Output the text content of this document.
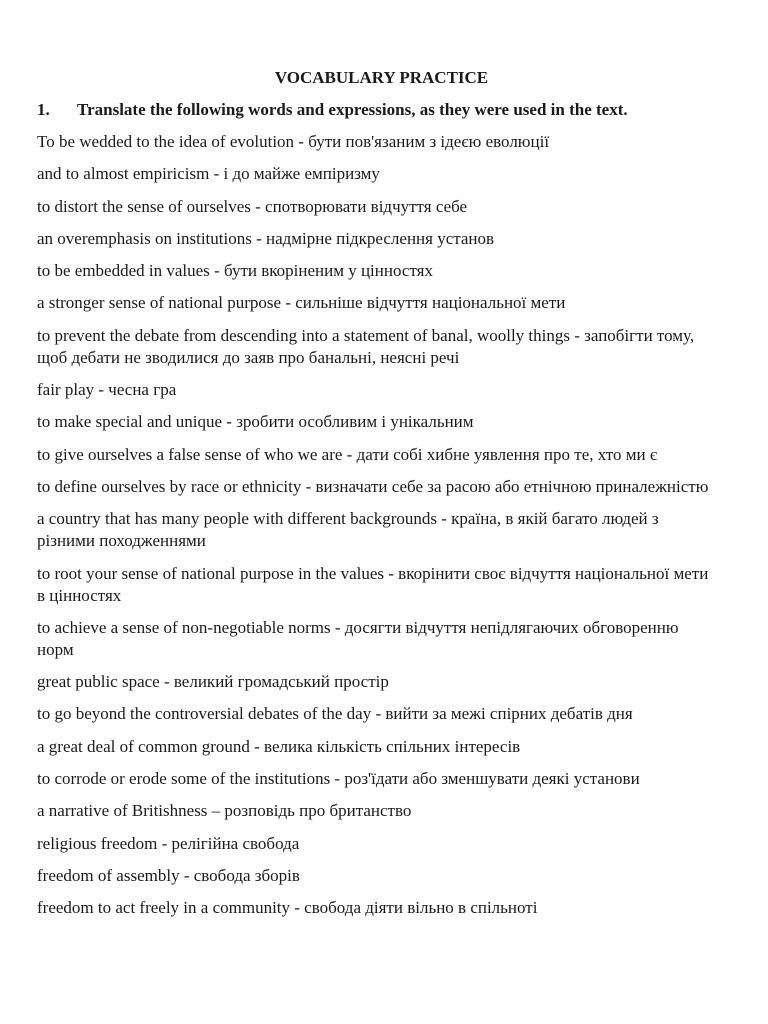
VOCABULARY PRACTICE
1.	Translate the following words and expressions, as they were used in the text.
To be wedded to the idea of evolution - бути пов'язаним з ідеєю еволюції
and to almost empiricism - і до майже емпіризму
to distort the sense of ourselves - спотворювати відчуття себе
an overemphasis on institutions - надмірне підкреслення установ
to be embedded in values - бути вкоріненим у цінностях
a stronger sense of national purpose - сильніше відчуття національної мети
to prevent the debate from descending into a statement of banal, woolly things - запобігти тому, щоб дебати не зводилися до заяв про банальні, неясні речі
fair play - чесна гра
to make special and unique - зробити особливим і унікальним
to give ourselves a false sense of who we are - дати собі хибне уявлення про те, хто ми є
to define ourselves by race or ethnicity - визначати себе за расою або етнічною приналежністю
a country that has many people with different backgrounds - країна, в якій багато людей з різними походженнями
to root your sense of national purpose in the values - вкорінити своє відчуття національної мети в цінностях
to achieve a sense of non-negotiable norms - досягти відчуття непідлягаючих обговоренню норм
great public space - великий громадський простір
to go beyond the controversial debates of the day - вийти за межі спірних дебатів дня
a great deal of common ground - велика кількість спільних інтересів
to corrode or erode some of the institutions - роз'їдати або зменшувати деякі установи
a narrative of Britishness – розповідь про британство
religious freedom - релігійна свобода
freedom of assembly - свобода зборів
freedom to act freely in a community - свобода діяти вільно в спільноті
